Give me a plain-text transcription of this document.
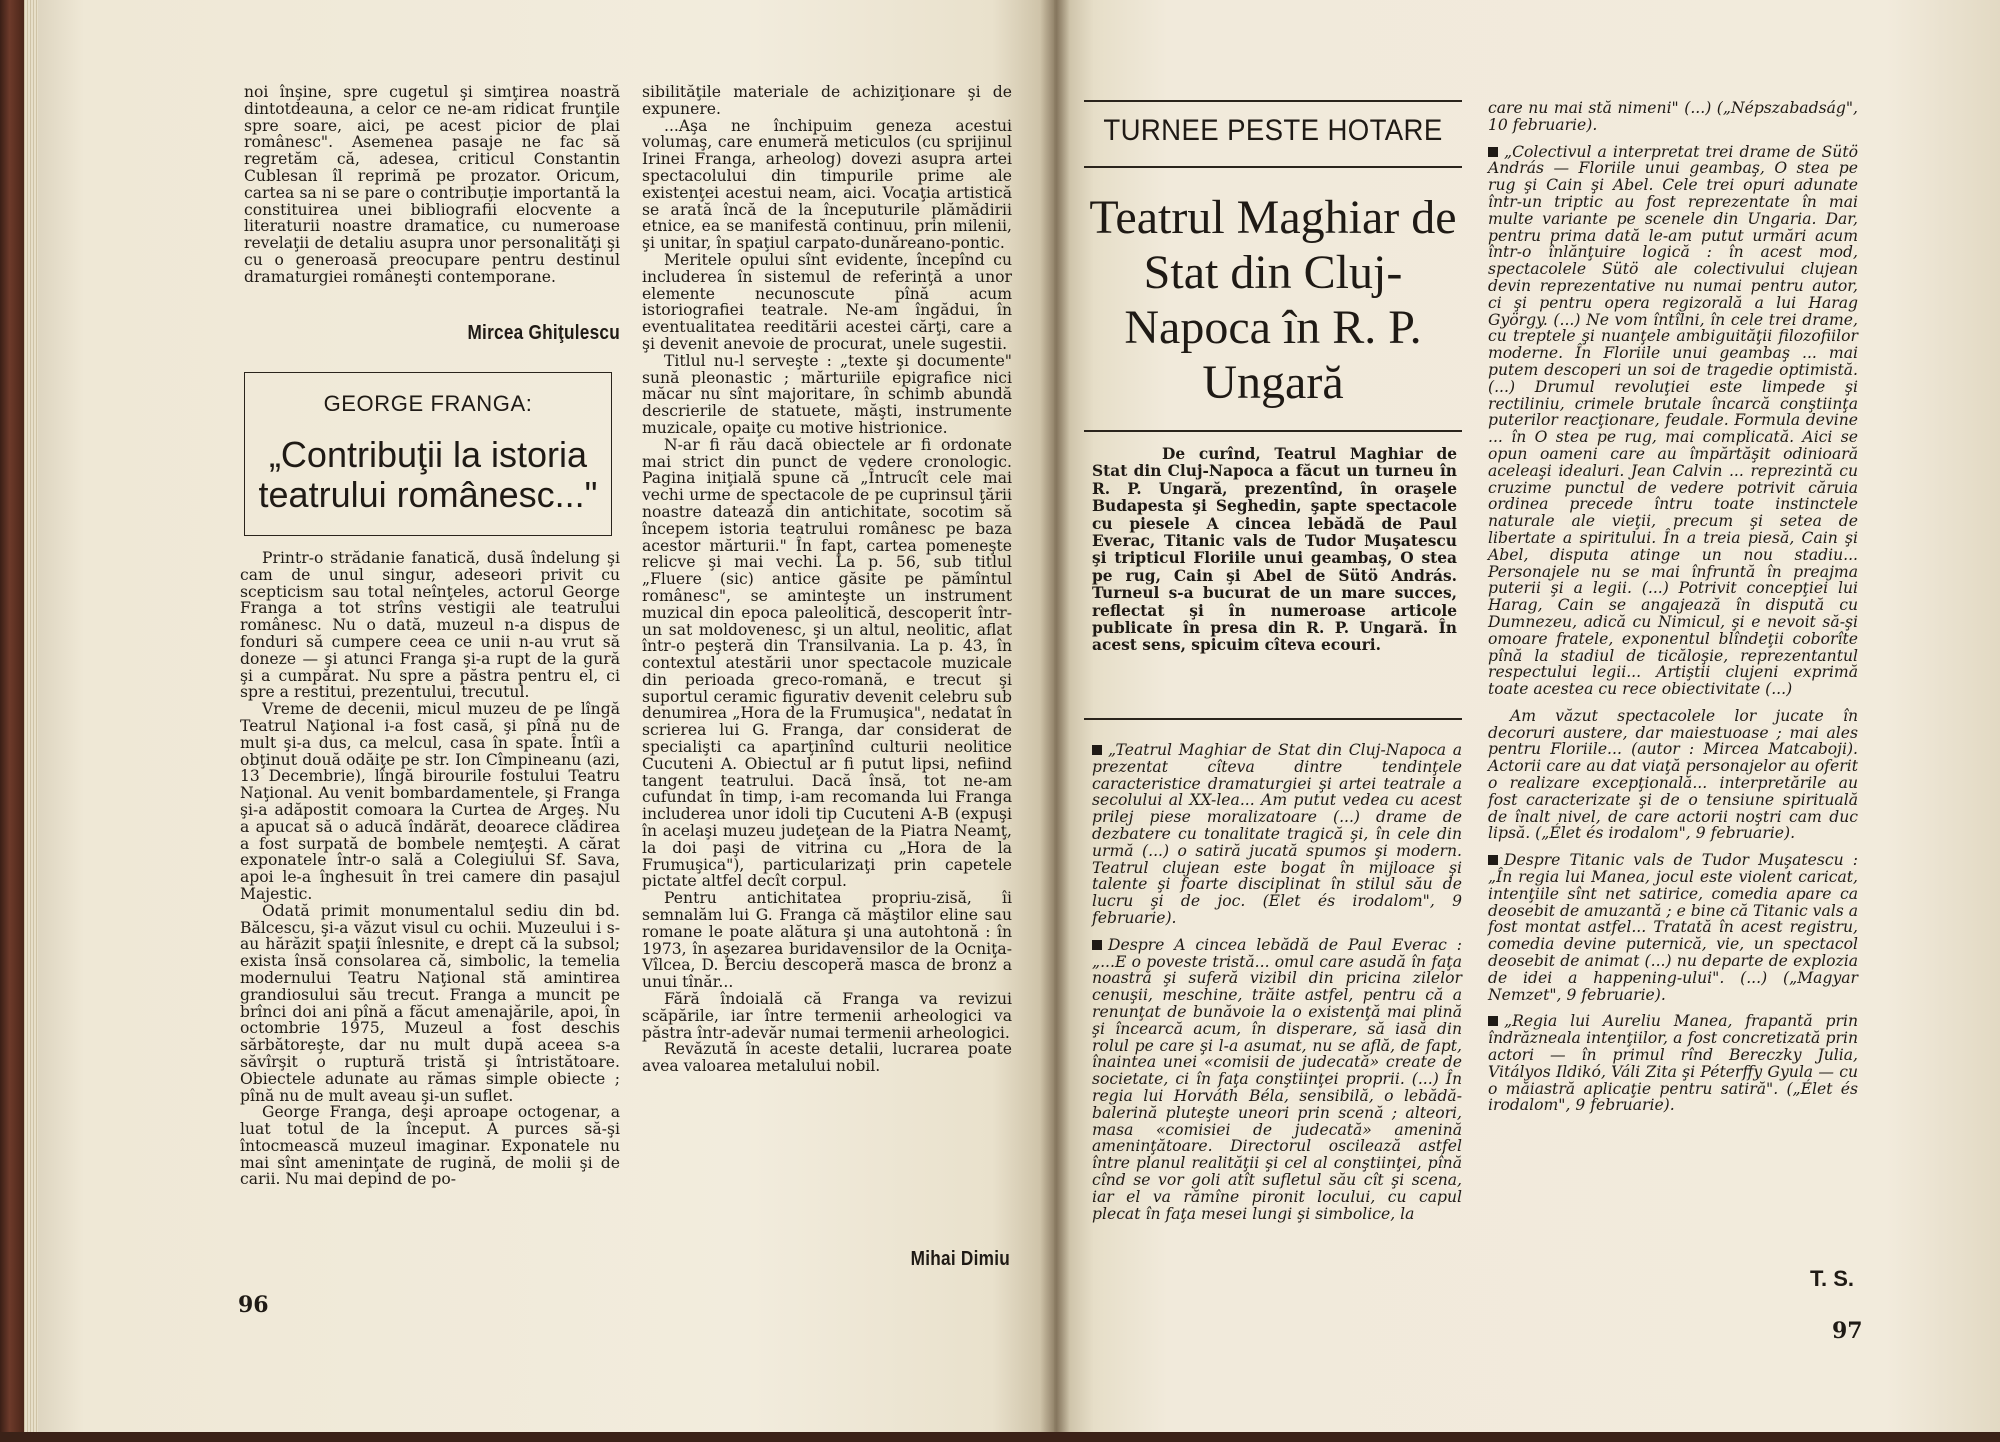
noi înşine, spre cugetul şi simţirea noastră dintotdeauna, a celor ce ne-am ridicat frunţile spre soare, aici, pe acest picior de plai românesc". Asemenea pasaje ne fac să regretăm că, adesea, criticul Constantin Cublesan îl reprimă pe prozator. Oricum, cartea sa ni se pare o contribuţie importantă la constituirea unei bibliografii elocvente a literaturii noastre dramatice, cu numeroase revelaţii de detaliu asupra unor personalităţi şi cu o generoasă preocupare pentru destinul dramaturgiei româneşti contemporane.

Mircea Ghiţulescu
GEORGE FRANGA:
„Contribuţii la istoria teatrului românesc..."

Printr-o strădanie fanatică, dusă îndelung şi cam de unul singur, adeseori privit cu scepticism sau total neînţeles, actorul George Franga a tot strîns vestigii ale teatrului românesc. Nu o dată, muzeul n-a dispus de fonduri să cumpere ceea ce unii n-au vrut să doneze — şi atunci Franga şi-a rupt de la gură şi a cumpărat. Nu spre a păstra pentru el, ci spre a restitui, prezentului, trecutul.

Vreme de decenii, micul muzeu de pe lîngă Teatrul Naţional i-a fost casă, şi pînă nu de mult şi-a dus, ca melcul, casa în spate. Întîi a obţinut două odăiţe pe str. Ion Cîmpineanu (azi, 13 Decembrie), lîngă birourile fostului Teatru Naţional. Au venit bombardamentele, şi Franga şi-a adăpostit comoara la Curtea de Argeş. Nu a apucat să o aducă îndărăt, deoarece clădirea a fost surpată de bombele nemţeşti. A cărat exponatele într-o sală a Colegiului Sf. Sava, apoi le-a înghesuit în trei camere din pasajul Majestic.

Odată primit monumentalul sediu din bd. Bălcescu, şi-a văzut visul cu ochii. Muzeului i s-au hărăzit spaţii înlesnite, e drept că la subsol; exista însă consolarea că, simbolic, la temelia modernului Teatru Naţional stă amintirea grandiosului său trecut. Franga a muncit pe brînci doi ani pînă a făcut amenajările, apoi, în octombrie 1975, Muzeul a fost deschis sărbătoreşte, dar nu mult după aceea s-a săvîrşit o ruptură tristă şi întristătoare. Obiectele adunate au rămas simple obiecte ; pînă nu de mult aveau şi-un suflet.

George Franga, deşi aproape octogenar, a luat totul de la început. A purces să-şi întocmească muzeul imaginar. Exponatele nu mai sînt ameninţate de rugină, de molii şi de carii. Nu mai depind de po-

96

sibilităţile materiale de achiziţionare şi de expunere.

...Aşa ne închipuim geneza acestui volumaş, care enumeră meticulos (cu sprijinul Irinei Franga, arheolog) dovezi asupra artei spectacolului din timpurile prime ale existenţei acestui neam, aici. Vocaţia artistică se arată încă de la începuturile plămădirii etnice, ea se manifestă continuu, prin milenii, şi unitar, în spaţiul carpato-dunăreano-pontic.

Meritele opului sînt evidente, începînd cu includerea în sistemul de referinţă a unor elemente necunoscute pînă acum istoriografiei teatrale. Ne-am îngădui, în eventualitatea reeditării acestei cărţi, care a şi devenit anevoie de procurat, unele sugestii.

Titlul nu-l serveşte : „texte şi documente" sună pleonastic ; mărturiile epigrafice nici măcar nu sînt majoritare, în schimb abundă descrierile de statuete, măşti, instrumente muzicale, opaiţe cu motive histrionice.

N-ar fi rău dacă obiectele ar fi ordonate mai strict din punct de vedere cronologic. Pagina iniţială spune că „Întrucît cele mai vechi urme de spectacole de pe cuprinsul ţării noastre datează din antichitate, socotim să începem istoria teatrului românesc pe baza acestor mărturii." În fapt, cartea pomeneşte relicve şi mai vechi. La p. 56, sub titlul „Fluere (sic) antice găsite pe pămîntul românesc", se aminteşte un instrument muzical din epoca paleolitică, descoperit într-un sat moldovenesc, şi un altul, neolitic, aflat într-o peşteră din Transilvania. La p. 43, în contextul atestării unor spectacole muzicale din perioada greco-romană, e trecut şi suportul ceramic figurativ devenit celebru sub denumirea „Hora de la Frumuşica", nedatat în scrierea lui G. Franga, dar considerat de specialişti ca aparţinînd culturii neolitice Cucuteni A. Obiectul ar fi putut lipsi, nefiind tangent teatrului. Dacă însă, tot ne-am cufundat în timp, i-am recomanda lui Franga includerea unor idoli tip Cucuteni A-B (expuşi în acelaşi muzeu judeţean de la Piatra Neamţ, la doi paşi de vitrina cu „Hora de la Frumuşica"), particularizaţi prin capetele pictate altfel decît corpul.

Pentru antichitatea propriu-zisă, îi semnalăm lui G. Franga că măştilor eline sau romane le poate alătura şi una autohtonă : în 1973, în aşezarea buridavensilor de la Ocniţa-Vîlcea, D. Berciu descoperă masca de bronz a unui tînăr...

Fără îndoială că Franga va revizui scăpările, iar între termenii arheologici va păstra într-adevăr numai termenii arheologici.

Revăzută în aceste detalii, lucrarea poate avea valoarea metalului nobil.

Mihai Dimiu
TURNEE PESTE HOTARE
Teatrul Maghiar de Stat din Cluj-Napoca în R. P. Ungară

De curînd, Teatrul Maghiar de Stat din Cluj-Napoca a făcut un turneu în R. P. Ungară, prezentînd, în oraşele Budapesta şi Seghedin, şapte spectacole cu piesele A cincea lebădă de Paul Everac, Titanic vals de Tudor Muşatescu şi tripticul Floriile unui geambaş, O stea pe rug, Cain şi Abel de Sütö András. Turneul s-a bucurat de un mare succes, reflectat şi în numeroase articole publicate în presa din R. P. Ungară. În acest sens, spicuim cîteva ecouri.

„Teatrul Maghiar de Stat din Cluj-Napoca a prezentat cîteva dintre tendinţele caracteristice dramaturgiei şi artei teatrale a secolului al XX-lea... Am putut vedea cu acest prilej piese moralizatoare (...) drame de dezbatere cu tonalitate tragică şi, în cele din urmă (...) o satiră jucată spumos şi modern. Teatrul clujean este bogat în mijloace şi talente şi foarte disciplinat în stilul său de lucru şi de joc. (Élet és irodalom", 9 februarie).

Despre A cincea lebădă de Paul Everac : „...E o poveste tristă... omul care asudă în faţa noastră şi suferă vizibil din pricina zilelor cenuşii, meschine, trăite astfel, pentru că a renunţat de bunăvoie la o existenţă mai plină şi încearcă acum, în disperare, să iasă din rolul pe care şi l-a asumat, nu se află, de fapt, înaintea unei «comisii de judecată» create de societate, ci în faţa conştiinţei proprii. (...) În regia lui Horváth Béla, sensibilă, o lebădă-balerină pluteşte uneori prin scenă ; alteori, masa «comisiei de judecată» amenină ameninţătoare. Directorul oscilează astfel între planul realităţii şi cel al conştiinţei, pînă cînd se vor goli atît sufletul său cît şi scena, iar el va rămîne pironit locului, cu capul plecat în faţa mesei lungi şi simbolice, la

care nu mai stă nimeni" (...) („Népszabadság", 10 februarie).

„Colectivul a interpretat trei drame de Sütö András — Floriile unui geambaş, O stea pe rug şi Cain şi Abel. Cele trei opuri adunate într-un triptic au fost reprezentate în mai multe variante pe scenele din Ungaria. Dar, pentru prima dată le-am putut urmări acum într-o înlănţuire logică : în acest mod, spectacolele Sütö ale colectivului clujean devin reprezentative nu numai pentru autor, ci şi pentru opera regizorală a lui Harag György. (...) Ne vom întîlni, în cele trei drame, cu treptele şi nuanţele ambiguităţii filozofiilor moderne. În Floriile unui geambaş ... mai putem descoperi un soi de tragedie optimistă. (...) Drumul revoluţiei este limpede şi rectiliniu, crimele brutale încarcă conştiinţa puterilor reacţionare, feudale. Formula devine ... în O stea pe rug, mai complicată. Aici se opun oameni care au împărtăşit odinioară aceleaşi idealuri. Jean Calvin ... reprezintă cu cruzime punctul de vedere potrivit căruia ordinea precede întru toate instinctele naturale ale vieţii, precum şi setea de libertate a spiritului. În a treia piesă, Cain şi Abel, disputa atinge un nou stadiu... Personajele nu se mai înfruntă în preajma puterii şi a legii. (...) Potrivit concepţiei lui Harag, Cain se angajează în dispută cu Dumnezeu, adică cu Nimicul, şi e nevoit să-şi omoare fratele, exponentul blîndeţii coborîte pînă la stadiul de ticăloşie, reprezentantul respectului legii... Artiştii clujeni exprimă toate acestea cu rece obiectivitate (...)

Am văzut spectacolele lor jucate în decoruri austere, dar maiestuoase ; mai ales pentru Floriile... (autor : Mircea Matcaboji). Actorii care au dat viaţă personajelor au oferit o realizare excepţională... interpretările au fost caracterizate şi de o tensiune spirituală de înalt nivel, de care actorii noştri cam duc lipsă. („Élet és irodalom", 9 februarie).

Despre Titanic vals de Tudor Muşatescu : „În regia lui Manea, jocul este violent caricat, intenţiile sînt net satirice, comedia apare ca deosebit de amuzantă ; e bine că Titanic vals a fost montat astfel... Tratată în acest registru, comedia devine puternică, vie, un spectacol deosebit de animat (...) nu departe de explozia de idei a happening-ului". (...) („Magyar Nemzet", 9 februarie).

„Regia lui Aureliu Manea, frapantă prin îndrăzneala intenţiilor, a fost concretizată prin actori — în primul rînd Bereczky Julia, Vitályos Ildikó, Váli Zita şi Péterffy Gyula — cu o măiastră aplicaţie pentru satiră". („Élet és irodalom", 9 februarie).

T. S.
97
